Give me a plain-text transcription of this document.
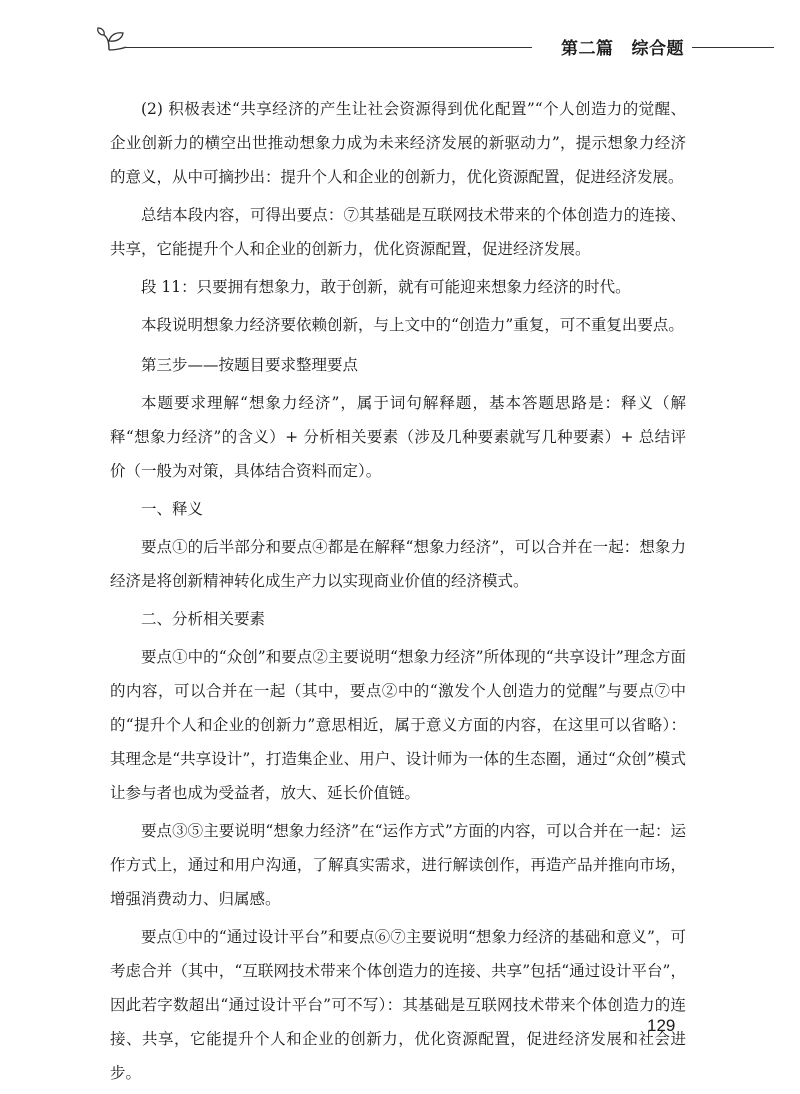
第二篇 综合题

(2) 积极表述“共享经济的产生让社会资源得到优化配置”“个人创造力的觉醒、企业创新力的横空出世推动想象力成为未来经济发展的新驱动力”，提示想象力经济的意义，从中可摘抄出：提升个人和企业的创新力，优化资源配置，促进经济发展。

总结本段内容，可得出要点：⑦其基础是互联网技术带来的个体创造力的连接、共享，它能提升个人和企业的创新力，优化资源配置，促进经济发展。

段 11：只要拥有想象力，敢于创新，就有可能迎来想象力经济的时代。

本段说明想象力经济要依赖创新，与上文中的“创造力”重复，可不重复出要点。

第三步——按题目要求整理要点

本题要求理解“想象力经济”，属于词句解释题，基本答题思路是：释义（解释“想象力经济”的含义）+ 分析相关要素（涉及几种要素就写几种要素）+ 总结评价（一般为对策，具体结合资料而定）。

一、释义

要点①的后半部分和要点④都是在解释“想象力经济”，可以合并在一起：想象力经济是将创新精神转化成生产力以实现商业价值的经济模式。

二、分析相关要素

要点①中的“众创”和要点②主要说明“想象力经济”所体现的“共享设计”理念方面的内容，可以合并在一起（其中，要点②中的“激发个人创造力的觉醒”与要点⑦中的“提升个人和企业的创新力”意思相近，属于意义方面的内容，在这里可以省略）：其理念是“共享设计”，打造集企业、用户、设计师为一体的生态圈，通过“众创”模式让参与者也成为受益者，放大、延长价值链。

要点③⑤主要说明“想象力经济”在“运作方式”方面的内容，可以合并在一起：运作方式上，通过和用户沟通，了解真实需求，进行解读创作，再造产品并推向市场，增强消费动力、归属感。

要点①中的“通过设计平台”和要点⑥⑦主要说明“想象力经济的基础和意义”，可考虑合并（其中，“互联网技术带来个体创造力的连接、共享”包括“通过设计平台”，因此若字数超出“通过设计平台”可不写）：其基础是互联网技术带来个体创造力的连接、共享，它能提升个人和企业的创新力，优化资源配置，促进经济发展和社会进步。

129
